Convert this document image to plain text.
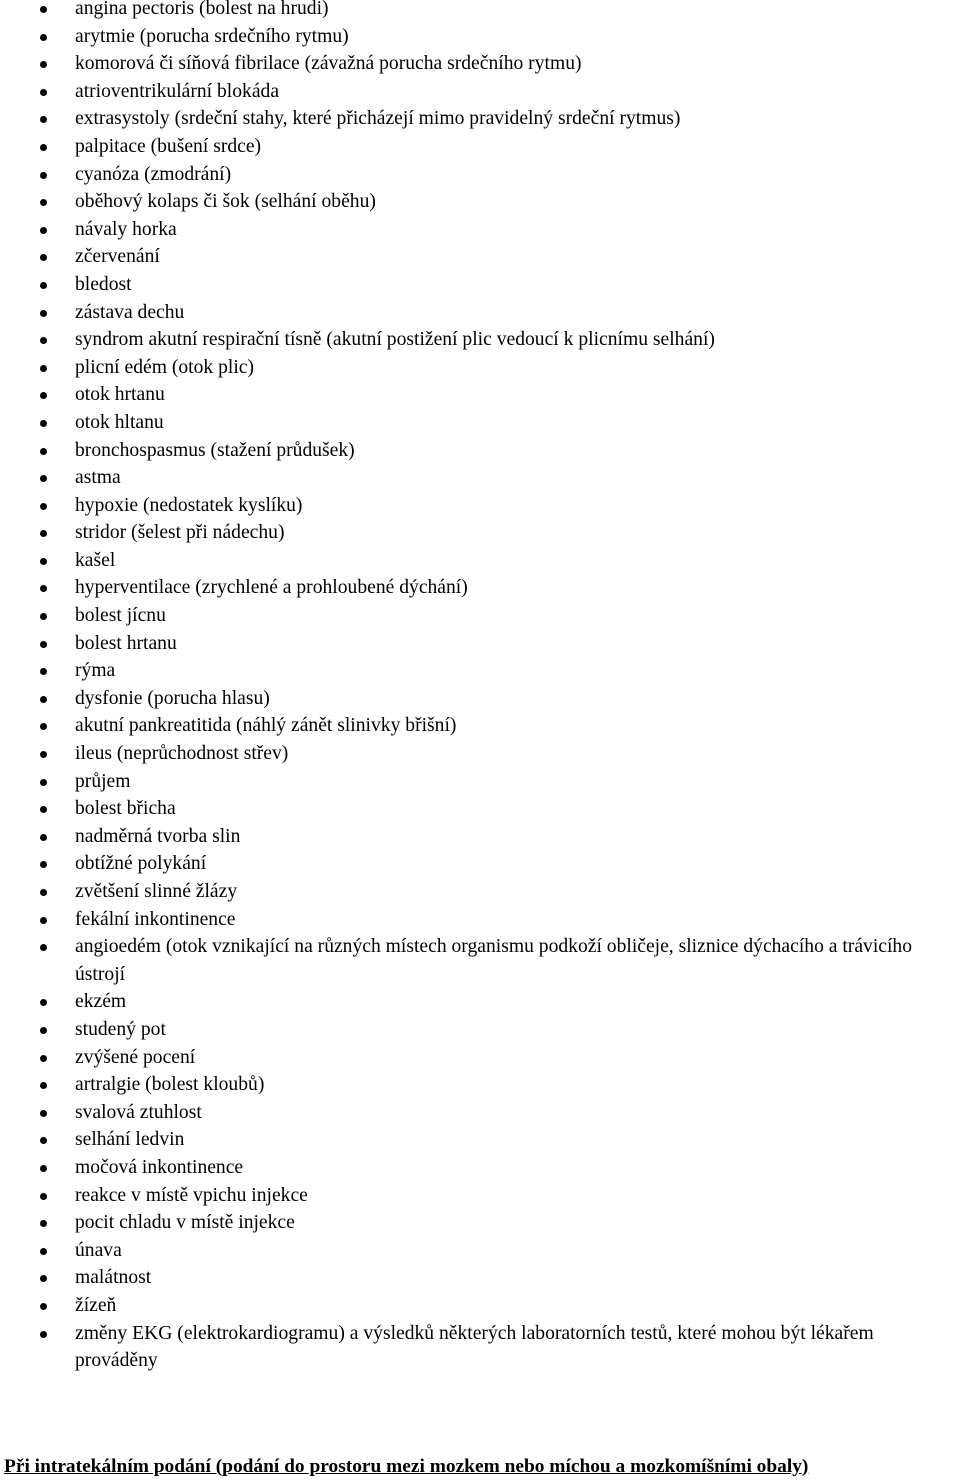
angina pectoris (bolest na hrudi)
arytmie (porucha srdečního rytmu)
komorová či síňová fibrilace (závažná porucha srdečního rytmu)
atrioventrikulární blokáda
extrasystoly (srdeční stahy, které přicházejí mimo pravidelný srdeční rytmus)
palpitace (bušení srdce)
cyanóza (zmodrání)
oběhový kolaps či šok (selhání oběhu)
návaly horka
zčervenání
bledost
zástava dechu
syndrom akutní respirační tísně (akutní postižení plic vedoucí k plicnímu selhání)
plicní edém (otok plic)
otok hrtanu
otok hltanu
bronchospasmus (stažení průdušek)
astma
hypoxie (nedostatek kyslíku)
stridor (šelest při nádechu)
kašel
hyperventilace (zrychlené a prohloubené dýchání)
bolest jícnu
bolest hrtanu
rýma
dysfonie (porucha hlasu)
akutní pankreatitida (náhlý zánět slinivky břišní)
ileus (neprůchodnost střev)
průjem
bolest břicha
nadměrná tvorba slin
obtížné polykání
zvětšení slinné žlázy
fekální inkontinence
angioedém (otok vznikající na různých místech organismu podkoží obličeje, sliznice dýchacího a trávicího ústrojí
ekzém
studený pot
zvýšené pocení
artralgie (bolest kloubů)
svalová ztuhlost
selhání ledvin
močová inkontinence
reakce v místě vpichu injekce
pocit chladu v místě injekce
únava
malátnost
žízeň
změny EKG (elektrokardiogramu) a výsledků některých laboratorních testů, které mohou být lékařem prováděny
Při intratekálním podání (podání do prostoru mezi mozkem nebo míchou a mozkomíšními obaly)
